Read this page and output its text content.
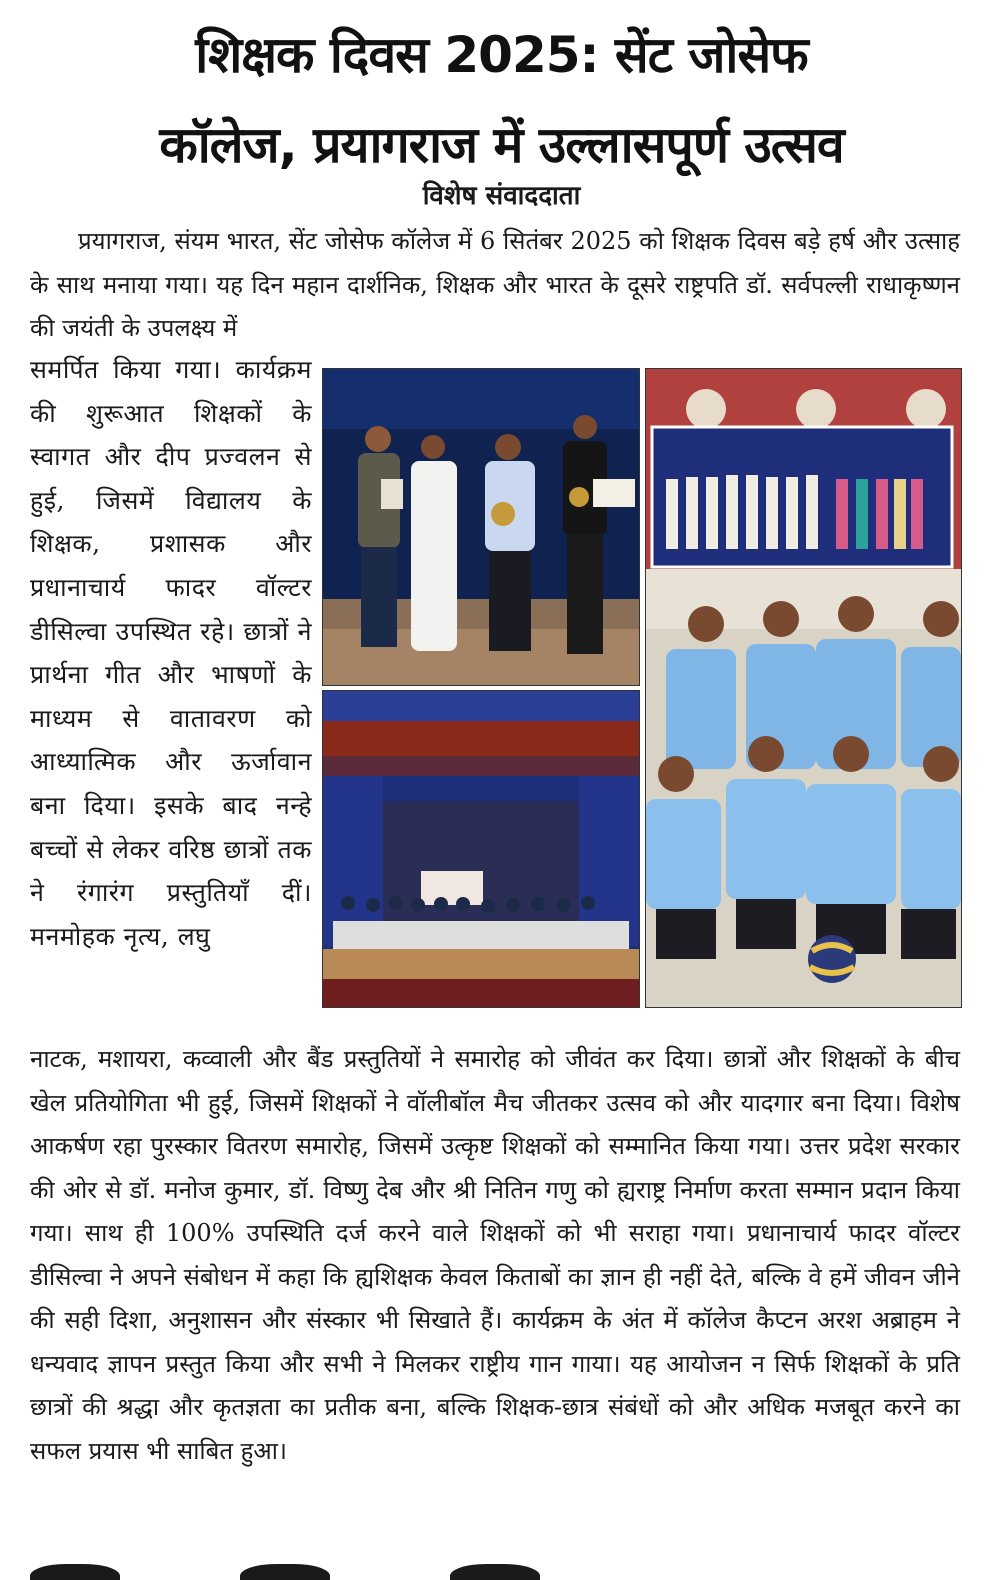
शिक्षक दिवस 2025: सेंट जोसेफ
कॉलेज, प्रयागराज में उल्लासपूर्ण उत्सव

विशेष संवाददाता

प्रयागराज, संयम भारत, सेंट जोसेफ कॉलेज में 6 सितंबर 2025 को शिक्षक दिवस बड़े हर्ष और उत्साह के साथ मनाया गया। यह दिन महान दार्शनिक, शिक्षक और भारत के दूसरे राष्ट्रपति डॉ. सर्वपल्ली राधाकृष्णन की जयंती के उपलक्ष्य में

समर्पित किया गया। कार्यक्रम की शुरूआत शिक्षकों के स्वागत और दीप प्रज्वलन से हुई, जिसमें विद्यालय के शिक्षक, प्रशासक और प्रधानाचार्य फादर वॉल्टर डीसिल्वा उपस्थित रहे। छात्रों ने प्रार्थना गीत और भाषणों के माध्यम से वातावरण को आध्यात्मिक और ऊर्जावान बना दिया। इसके बाद नन्हे बच्चों से लेकर वरिष्ठ छात्रों तक ने रंगारंग प्रस्तुतियाँ दीं। मनमोहक नृत्य, लघु

नाटक, मशायरा, कव्वाली और बैंड प्रस्तुतियों ने समारोह को जीवंत कर दिया। छात्रों और शिक्षकों के बीच खेल प्रतियोगिता भी हुई, जिसमें शिक्षकों ने वॉलीबॉल मैच जीतकर उत्सव को और यादगार बना दिया। विशेष आकर्षण रहा पुरस्कार वितरण समारोह, जिसमें उत्कृष्ट शिक्षकों को सम्मानित किया गया। उत्तर प्रदेश सरकार की ओर से डॉ. मनोज कुमार, डॉ. विष्णु देब और श्री नितिन गणु को ह्यराष्ट्र निर्माण करता सम्मान प्रदान किया गया। साथ ही 100% उपस्थिति दर्ज करने वाले शिक्षकों को भी सराहा गया। प्रधानाचार्य फादर वॉल्टर डीसिल्वा ने अपने संबोधन में कहा कि ह्यशिक्षक केवल किताबों का ज्ञान ही नहीं देते, बल्कि वे हमें जीवन जीने की सही दिशा, अनुशासन और संस्कार भी सिखाते हैं। कार्यक्रम के अंत में कॉलेज कैप्टन अरश अब्राहम ने धन्यवाद ज्ञापन प्रस्तुत किया और सभी ने मिलकर राष्ट्रीय गान गाया। यह आयोजन न सिर्फ शिक्षकों के प्रति छात्रों की श्रद्धा और कृतज्ञता का प्रतीक बना, बल्कि शिक्षक-छात्र संबंधों को और अधिक मजबूत करने का सफल प्रयास भी साबित हुआ।
